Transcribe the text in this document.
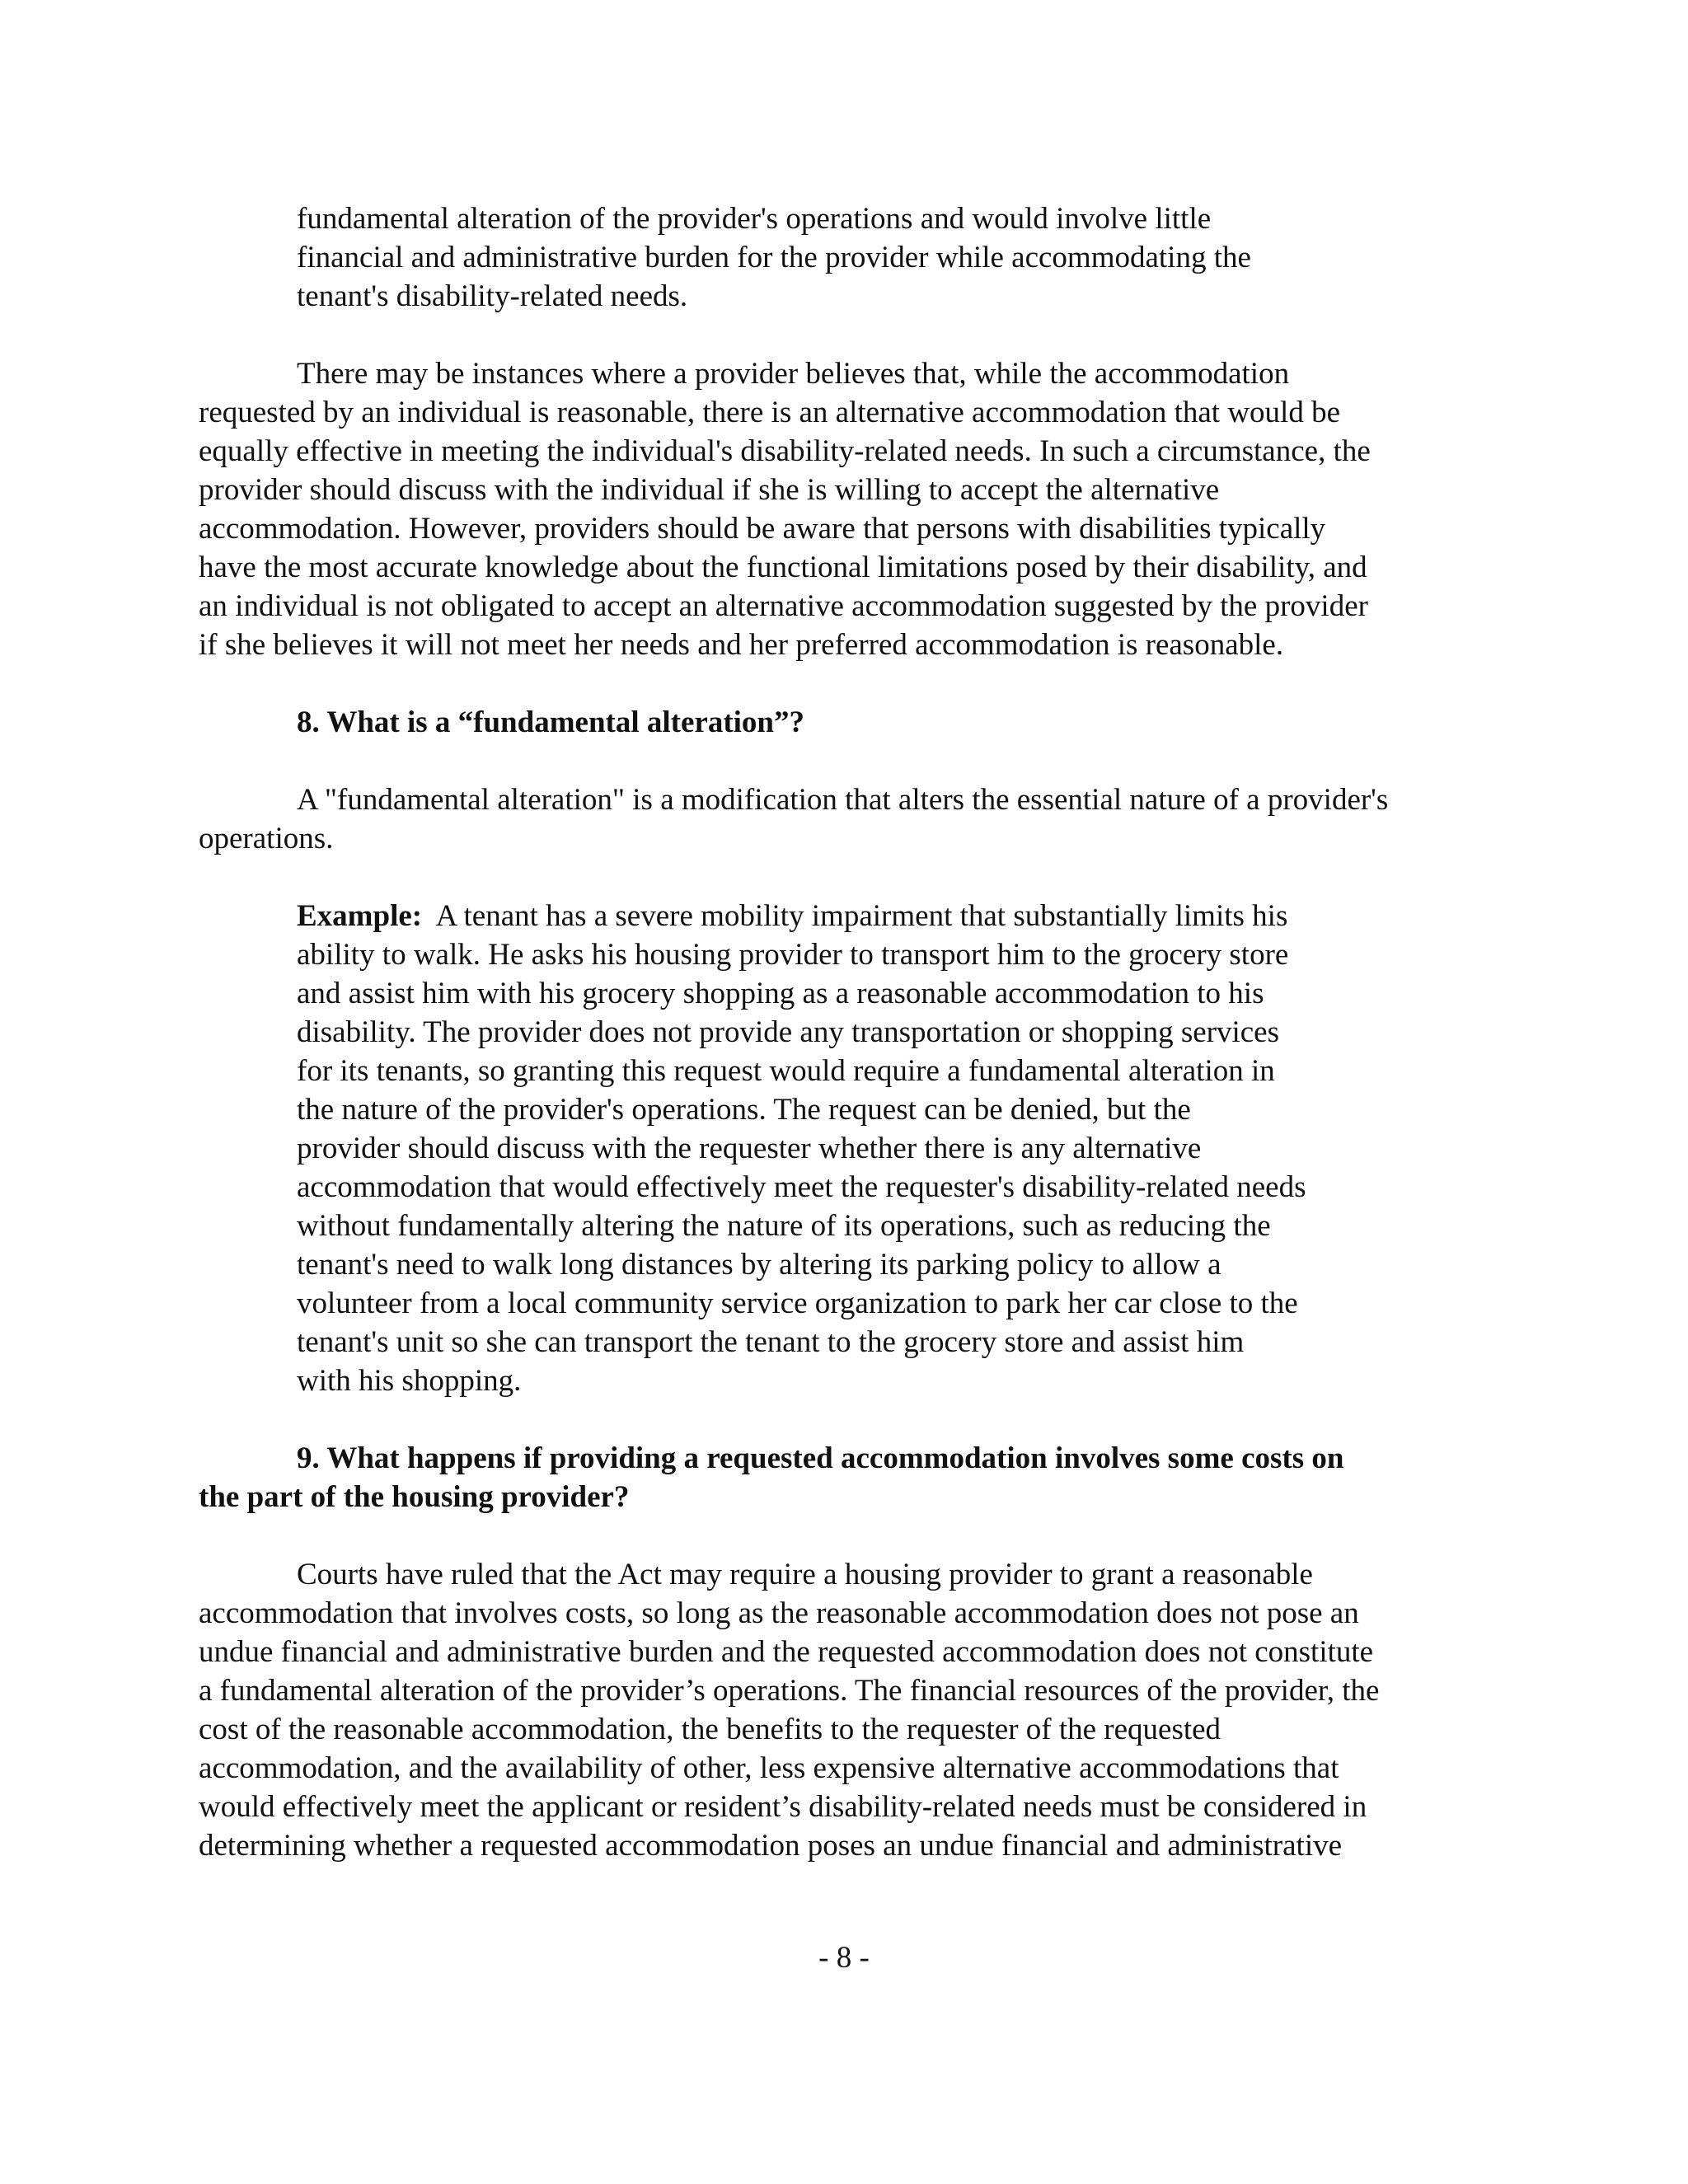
fundamental alteration of the provider's operations and would involve little
financial and administrative burden for the provider while accommodating the
tenant's disability-related needs.
There may be instances where a provider believes that, while the accommodation
requested by an individual is reasonable, there is an alternative accommodation that would be
equally effective in meeting the individual's disability-related needs. In such a circumstance, the
provider should discuss with the individual if she is willing to accept the alternative
accommodation. However, providers should be aware that persons with disabilities typically
have the most accurate knowledge about the functional limitations posed by their disability, and
an individual is not obligated to accept an alternative accommodation suggested by the provider
if she believes it will not meet her needs and her preferred accommodation is reasonable.
8. What is a “fundamental alteration”?
A "fundamental alteration" is a modification that alters the essential nature of a provider's
operations.
Example:  A tenant has a severe mobility impairment that substantially limits his
ability to walk. He asks his housing provider to transport him to the grocery store
and assist him with his grocery shopping as a reasonable accommodation to his
disability. The provider does not provide any transportation or shopping services
for its tenants, so granting this request would require a fundamental alteration in
the nature of the provider's operations. The request can be denied, but the
provider should discuss with the requester whether there is any alternative
accommodation that would effectively meet the requester's disability-related needs
without fundamentally altering the nature of its operations, such as reducing the
tenant's need to walk long distances by altering its parking policy to allow a
volunteer from a local community service organization to park her car close to the
tenant's unit so she can transport the tenant to the grocery store and assist him
with his shopping.
9. What happens if providing a requested accommodation involves some costs on
the part of the housing provider?
Courts have ruled that the Act may require a housing provider to grant a reasonable
accommodation that involves costs, so long as the reasonable accommodation does not pose an
undue financial and administrative burden and the requested accommodation does not constitute
a fundamental alteration of the provider’s operations. The financial resources of the provider, the
cost of the reasonable accommodation, the benefits to the requester of the requested
accommodation, and the availability of other, less expensive alternative accommodations that
would effectively meet the applicant or resident’s disability-related needs must be considered in
determining whether a requested accommodation poses an undue financial and administrative
- 8 -
